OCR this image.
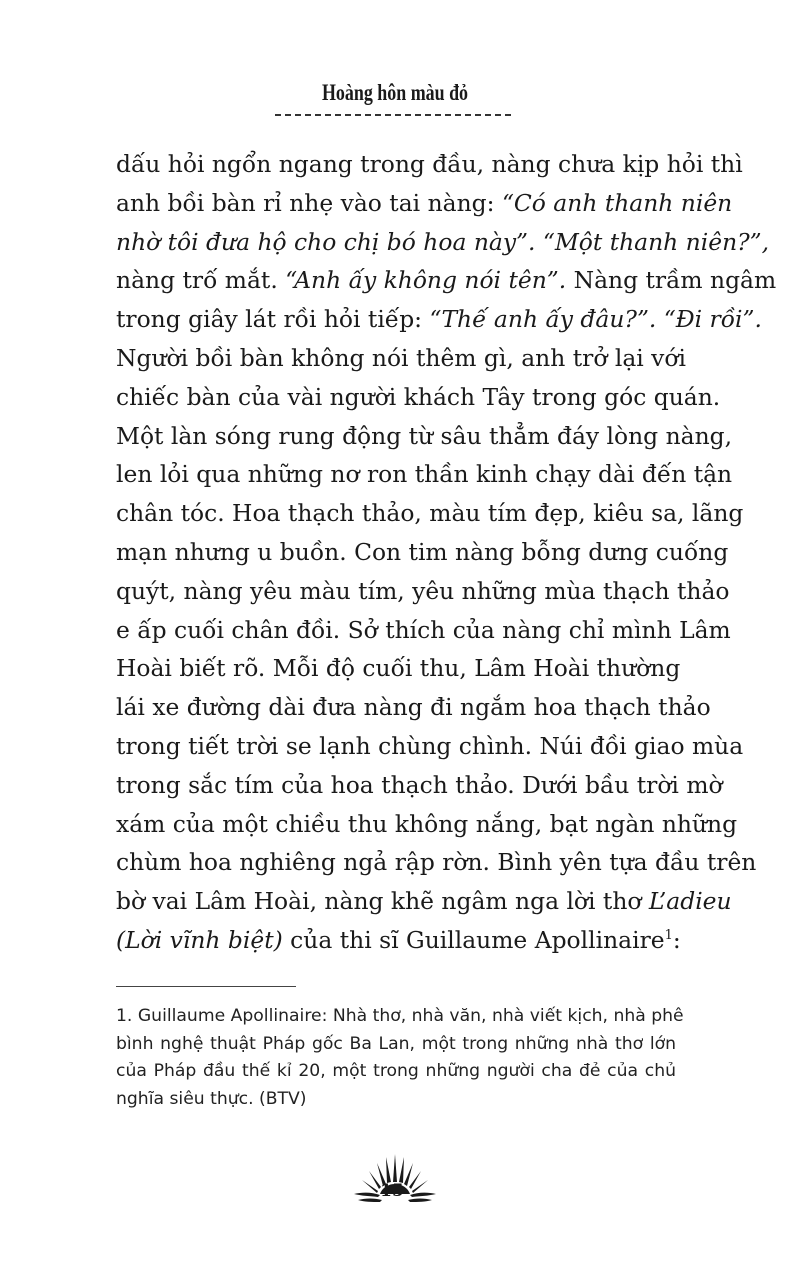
Hoàng hôn màu đỏ
dấu hỏi ngổn ngang trong đầu, nàng chưa kịp hỏi thì
anh bồi bàn rỉ nhẹ vào tai nàng: “Có anh thanh niên
nhờ tôi đưa hộ cho chị bó hoa này”. “Một thanh niên?”,
nàng trố mắt. “Anh ấy không nói tên”. Nàng trầm ngâm
trong giây lát rồi hỏi tiếp: “Thế anh ấy đâu?”. “Đi rồi”.
Người bồi bàn không nói thêm gì, anh trở lại với
chiếc bàn của vài người khách Tây trong góc quán.
Một làn sóng rung động từ sâu thẳm đáy lòng nàng,
len lỏi qua những nơ ron thần kinh chạy dài đến tận
chân tóc. Hoa thạch thảo, màu tím đẹp, kiêu sa, lãng
mạn nhưng u buồn. Con tim nàng bỗng dưng cuống
quýt, nàng yêu màu tím, yêu những mùa thạch thảo
e ấp cuối chân đồi. Sở thích của nàng chỉ mình Lâm
Hoài biết rõ. Mỗi độ cuối thu, Lâm Hoài thường
lái xe đường dài đưa nàng đi ngắm hoa thạch thảo
trong tiết trời se lạnh chùng chình. Núi đồi giao mùa
trong sắc tím của hoa thạch thảo. Dưới bầu trời mờ
xám của một chiều thu không nắng, bạt ngàn những
chùm hoa nghiêng ngả rập rờn. Bình yên tựa đầu trên
bờ vai Lâm Hoài, nàng khẽ ngâm nga lời thơ L’adieu
(Lời vĩnh biệt) của thi sĩ Guillaume Apollinaire$^1$:
1. Guillaume Apollinaire: Nhà thơ, nhà văn, nhà viết kịch, nhà phê
bình nghệ thuật Pháp gốc Ba Lan, một trong những nhà thơ lớn
của Pháp đầu thế kỉ 20, một trong những người cha đẻ của chủ
nghĩa siêu thực. (BTV)
15
